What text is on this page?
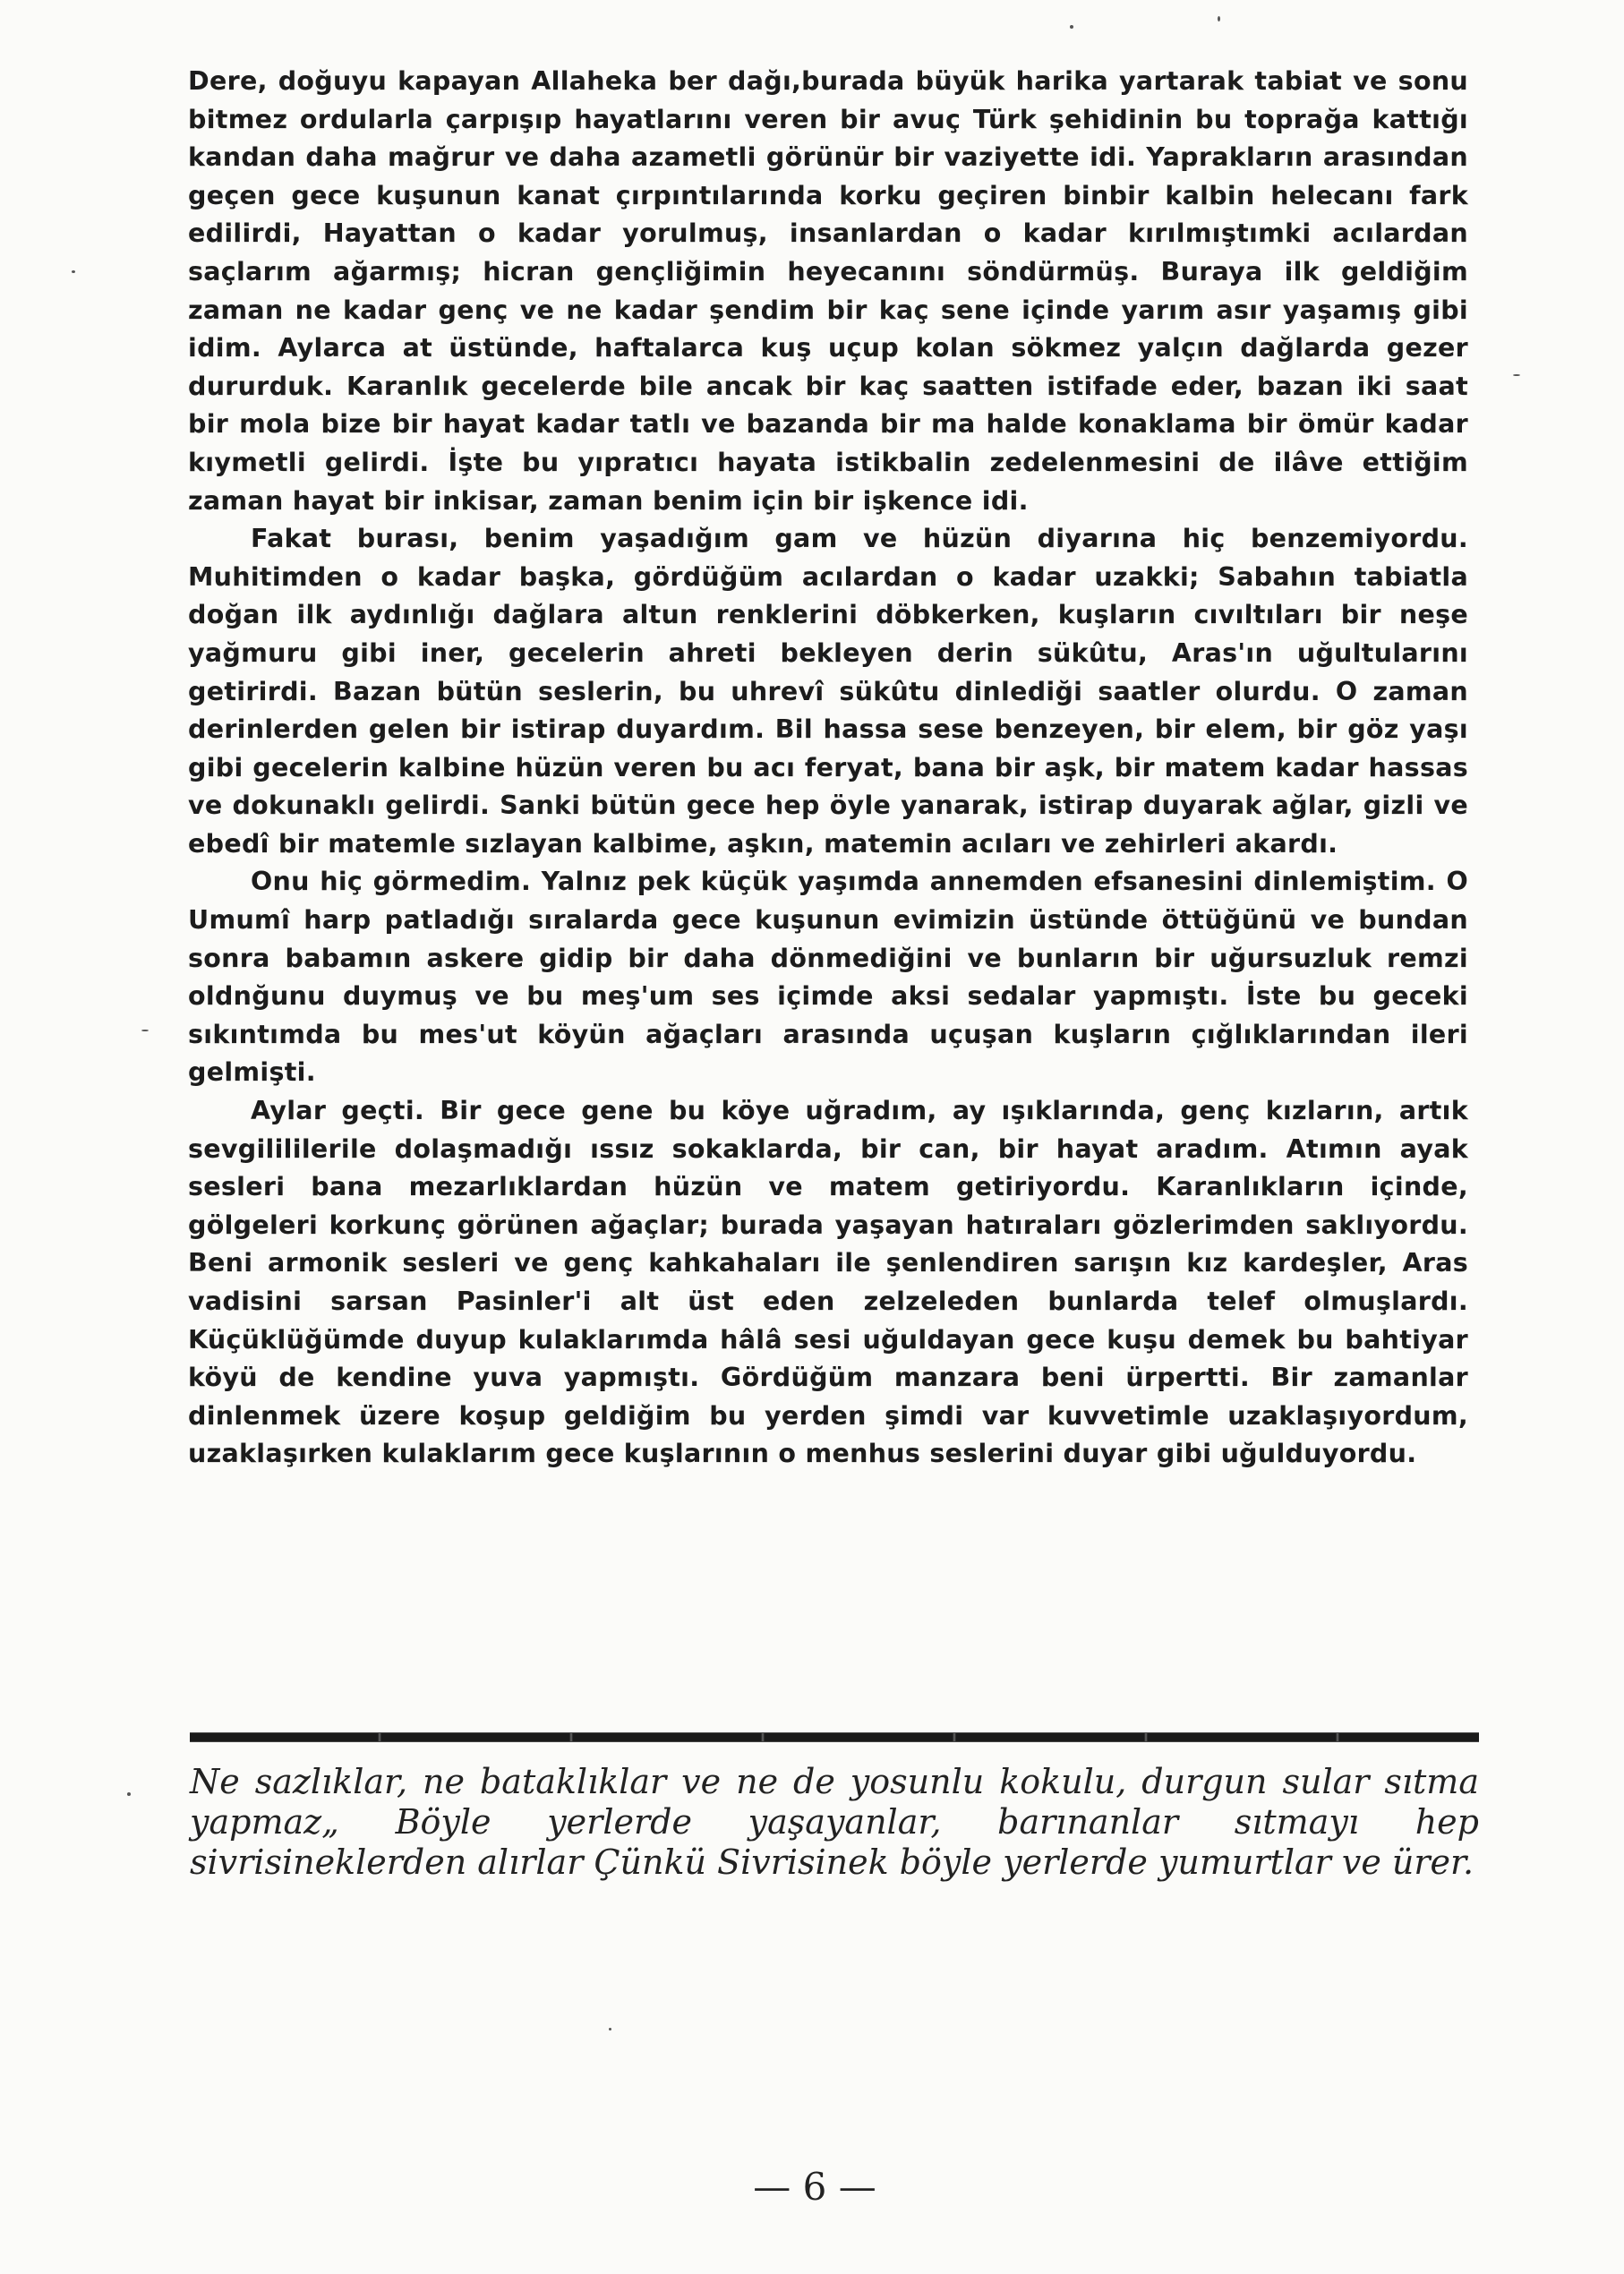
Dere, doğuyu kapayan Allaheka ber dağı,burada büyük harika yartarak tabiat ve sonu bitmez ordularla çarpışıp hayatlarını veren bir avuç Türk şehidinin bu toprağa kattığı kandan daha mağrur ve daha azametli görünür bir vaziyette idi. Yaprakların arasından geçen gece kuşunun kanat çırpıntılarında korku geçiren binbir kalbin helecanı fark edilirdi, Hayattan o kadar yorulmuş, insanlardan o kadar kırılmıştımki acılardan saçlarım ağarmış; hicran gençliğimin heyecanını söndürmüş. Buraya ilk geldiğim zaman ne kadar genç ve ne kadar şendim bir kaç sene içinde yarım asır yaşamış gibi idim. Aylarca at üstünde, haftalarca kuş uçup kolan sökmez yalçın dağlarda gezer dururduk. Karanlık gecelerde bile ancak bir kaç saatten istifade eder, bazan iki saat bir mola bize bir hayat kadar tatlı ve bazanda bir ma halde konaklama bir ömür kadar kıymetli gelirdi. İşte bu yıpratıcı hayata istikbalin zedelenmesini de ilâve ettiğim zaman hayat bir inkisar, zaman benim için bir işkence idi.

Fakat burası, benim yaşadığım gam ve hüzün diyarına hiç benzemiyordu. Muhitimden o kadar başka, gördüğüm acılardan o kadar uzakki; Sabahın tabiatla doğan ilk aydınlığı dağlara altun renklerini döbkerken, kuşların cıvıltıları bir neşe yağmuru gibi iner, gecelerin ahreti bekleyen derin sükûtu, Aras'ın uğultularını getirirdi. Bazan bütün seslerin, bu uhrevî sükûtu dinlediği saatler olurdu. O zaman derinlerden gelen bir istirap duyardım. Bil hassa sese benzeyen, bir elem, bir göz yaşı gibi gecelerin kalbine hüzün veren bu acı feryat, bana bir aşk, bir matem kadar hassas ve dokunaklı gelirdi. Sanki bütün gece hep öyle yanarak, istirap duyarak ağlar, gizli ve ebedî bir matemle sızlayan kalbime, aşkın, matemin acıları ve zehirleri akardı.

Onu hiç görmedim. Yalnız pek küçük yaşımda annemden efsanesini dinlemiştim. O Umumî harp patladığı sıralarda gece kuşunun evimizin üstünde öttüğünü ve bundan sonra babamın askere gidip bir daha dönmediğini ve bunların bir uğursuzluk remzi oldnğunu duymuş ve bu meş'um ses içimde aksi sedalar yapmıştı. İste bu geceki sıkıntımda bu mes'ut köyün ağaçları arasında uçuşan kuşların çığlıklarından ileri gelmişti.

Aylar geçti. Bir gece gene bu köye uğradım, ay ışıklarında, genç kızların, artık sevgilililerile dolaşmadığı ıssız sokaklarda, bir can, bir hayat aradım. Atımın ayak sesleri bana mezarlıklardan hüzün ve matem getiriyordu. Karanlıkların içinde, gölgeleri korkunç görünen ağaçlar; burada yaşayan hatıraları gözlerimden saklıyordu. Beni armonik sesleri ve genç kahkahaları ile şenlendiren sarışın kız kardeşler, Aras vadisini sarsan Pasinler'i alt üst eden zelzeleden bunlarda telef olmuşlardı. Küçüklüğümde duyup kulaklarımda hâlâ sesi uğuldayan gece kuşu demek bu bahtiyar köyü de kendine yuva yapmıştı. Gördüğüm manzara beni ürpertti. Bir zamanlar dinlenmek üzere koşup geldiğim bu yerden şimdi var kuvvetimle uzaklaşıyordum, uzaklaşırken kulaklarım gece kuşlarının o menhus seslerini duyar gibi uğulduyordu.

Ne sazlıklar, ne bataklıklar ve ne de yosunlu kokulu, durgun sular sıtma yapmaz„ Böyle yerlerde yaşayanlar, barınanlar sıtmayı hep sivrisineklerden alırlar Çünkü Sivrisinek böyle yerlerde yumurtlar ve ürer.

— 6 —
